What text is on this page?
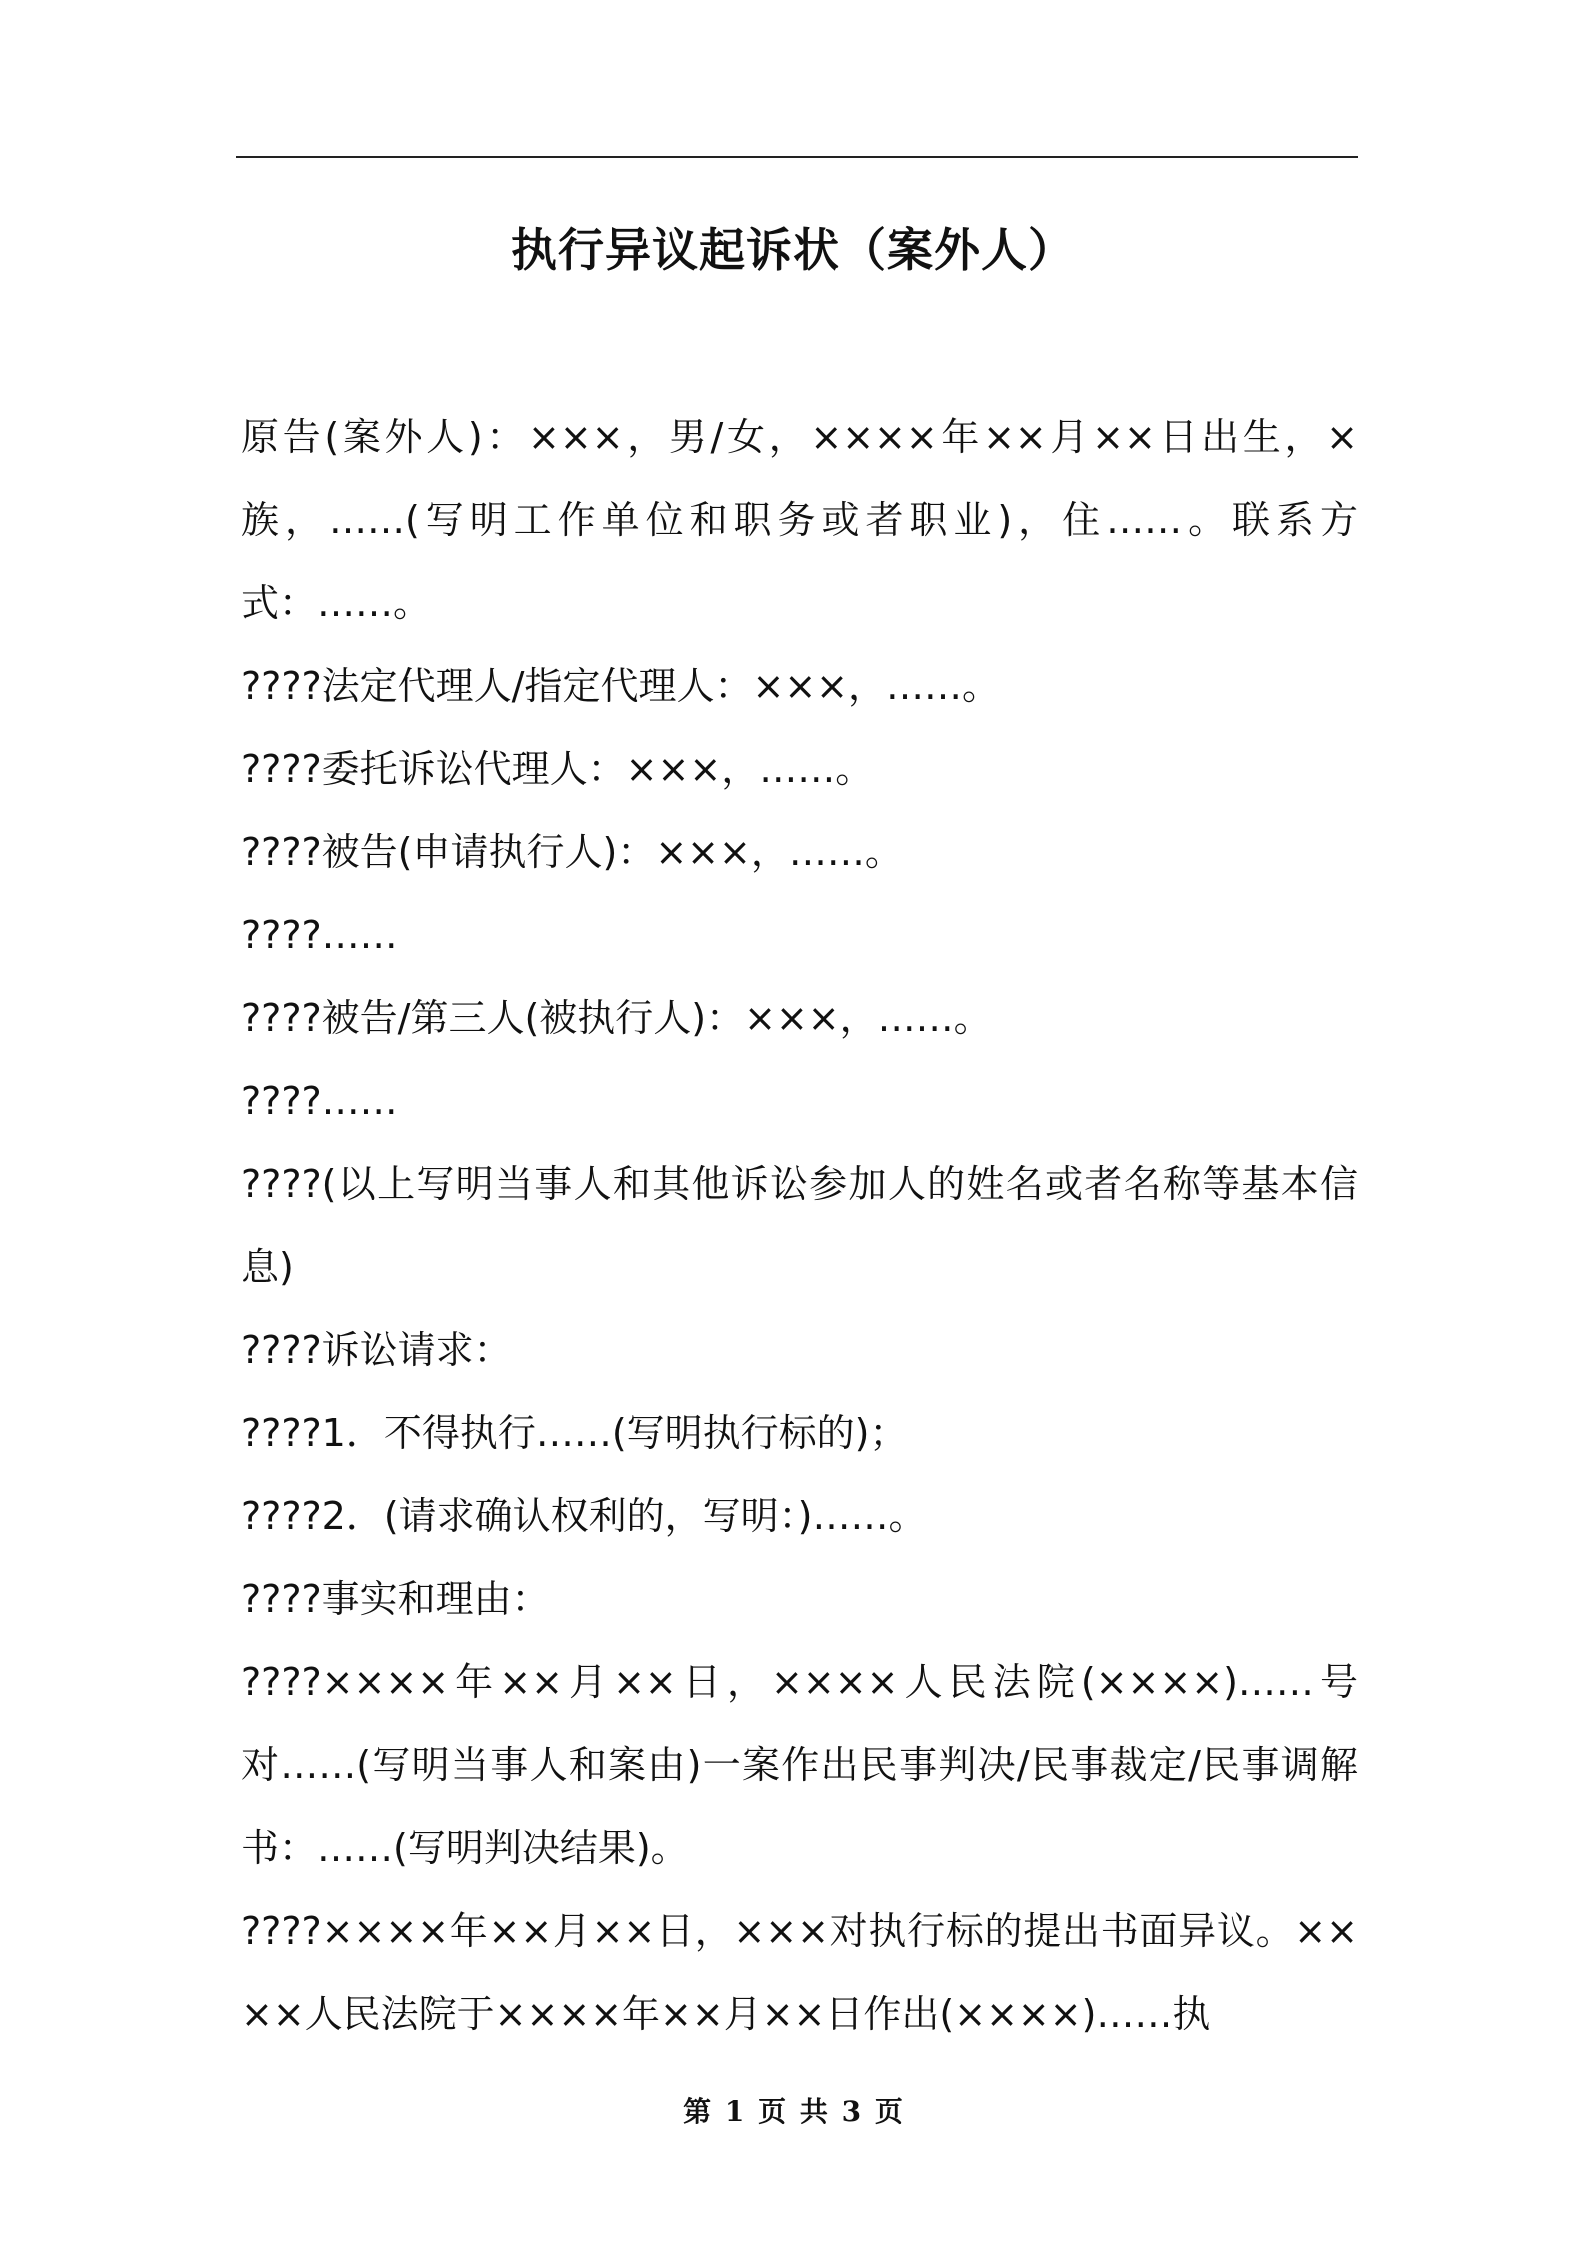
执行异议起诉状（案外人）

原告(案外人)：×××，男/女，××××年××月××日出生，×族，……(写明工作单位和职务或者职业)，住……。联系方式：……。

????法定代理人/指定代理人：×××，……。

????委托诉讼代理人：×××，……。

????被告(申请执行人)：×××，……。

????……

????被告/第三人(被执行人)：×××，……。

????……

????(以上写明当事人和其他诉讼参加人的姓名或者名称等基本信息)

????诉讼请求：

????1．不得执行……(写明执行标的)；

????2．(请求确认权利的，写明：)……。

????事实和理由：

????××××年××月××日，××××人民法院(××××)……号对……(写明当事人和案由)一案作出民事判决/民事裁定/民事调解书：……(写明判决结果)。

????××××年××月××日，×××对执行标的提出书面异议。××××人民法院于××××年××月××日作出(××××)……执

第 1 页 共 3 页
